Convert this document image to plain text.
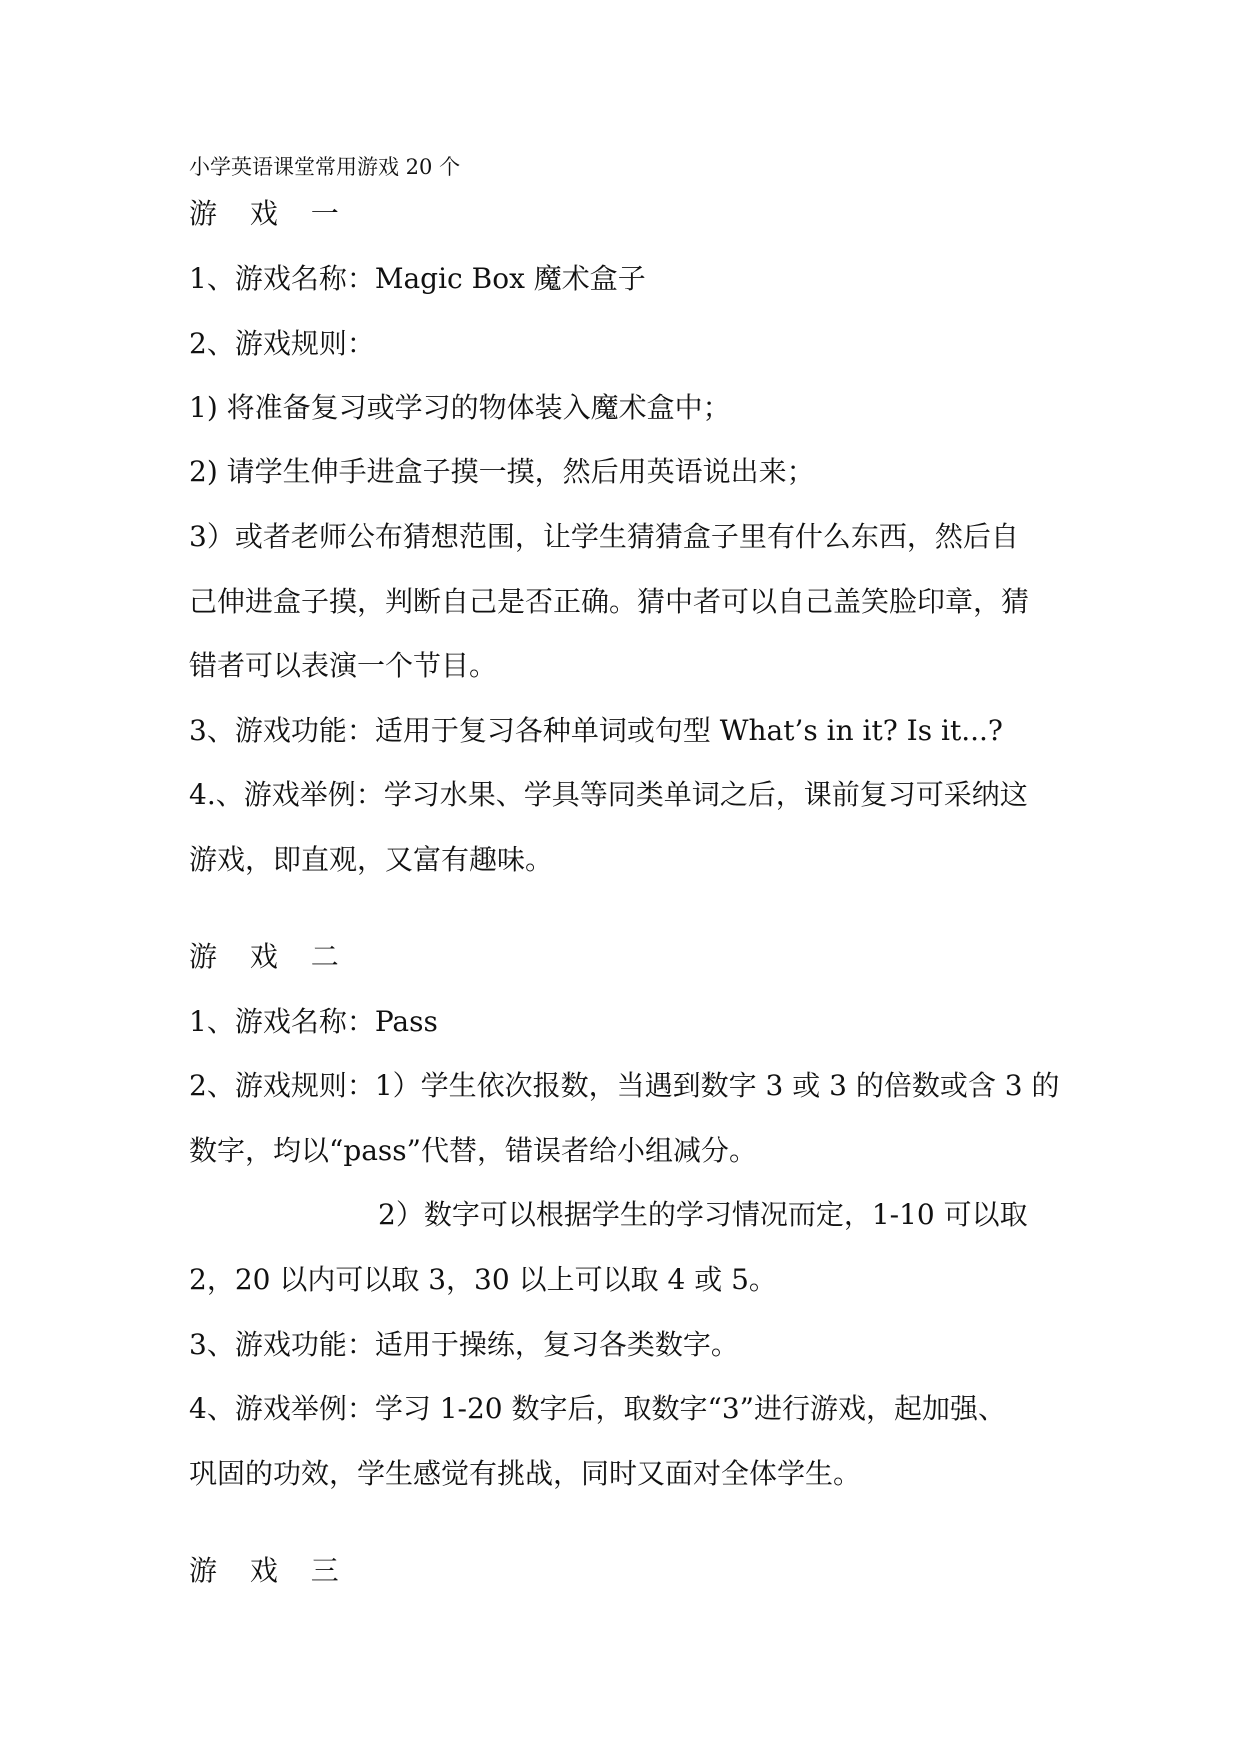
小学英语课堂常用游戏 20 个
游 戏 一
1、游戏名称：Magic Box 魔术盒子
2、游戏规则：
1) 将准备复习或学习的物体装入魔术盒中；
2) 请学生伸手进盒子摸一摸，然后用英语说出来；
3）或者老师公布猜想范围，让学生猜猜盒子里有什么东西，然后自
己伸进盒子摸，判断自己是否正确。猜中者可以自己盖笑脸印章，猜
错者可以表演一个节目。
3、游戏功能：适用于复习各种单词或句型 What’s in it? Is it...?
4.、游戏举例：学习水果、学具等同类单词之后，课前复习可采纳这
游戏，即直观，又富有趣味。
游 戏 二
1、游戏名称：Pass
2、游戏规则：1）学生依次报数，当遇到数字 3 或 3 的倍数或含 3 的
数字，均以“pass”代替，错误者给小组减分。
2）数字可以根据学生的学习情况而定，1-10 可以取
2，20 以内可以取 3，30 以上可以取 4 或 5。
3、游戏功能：适用于操练，复习各类数字。
4、游戏举例：学习 1-20 数字后，取数字“3”进行游戏，起加强、
巩固的功效，学生感觉有挑战，同时又面对全体学生。
游 戏 三
